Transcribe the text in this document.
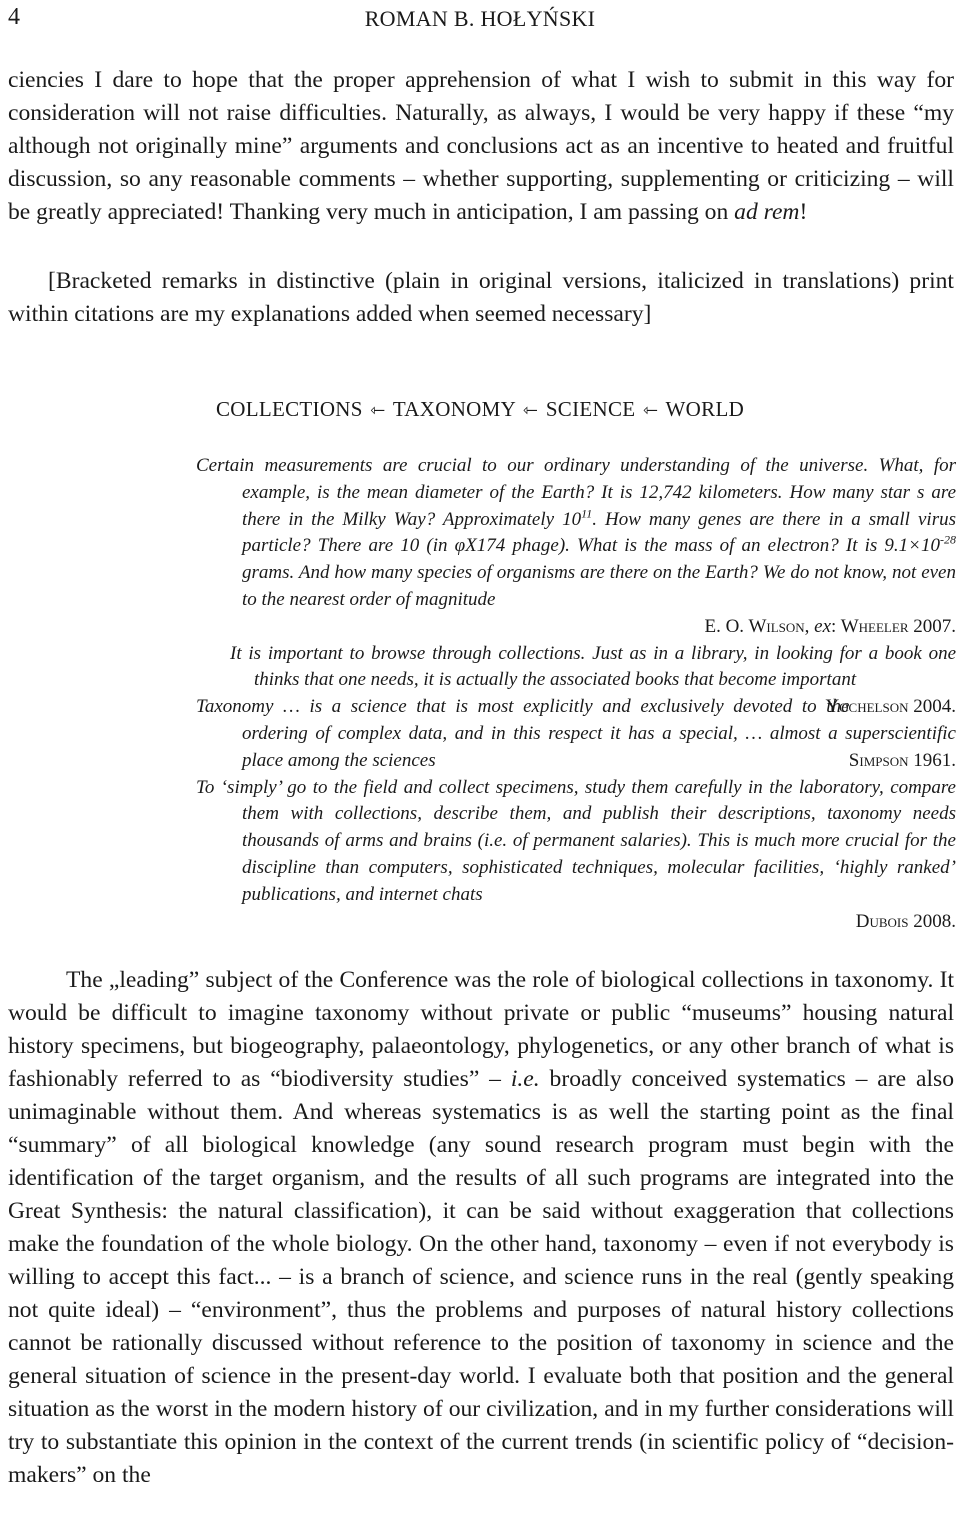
4	ROMAN B. HOŁYŃSKI
ciencies I dare to hope that the proper apprehension of what I wish to submit in this way for consideration will not raise difficulties. Naturally, as always, I would be very happy if these “my although not originally mine” arguments and conclusions act as an incentive to heated and fruitful discussion, so any reasonable comments – whether supporting, supplementing or criticizing – will be greatly appreciated! Thanking very much in anticipation, I am passing on ad rem!
[Bracketed remarks in distinctive (plain in original versions, italicized in translations) print within citations are my explanations added when seemed necessary]
COLLECTIONS ⇽ TAXONOMY ⇽ SCIENCE ⇽ WORLD

Certain measurements are crucial to our ordinary understanding of the universe. What, for example, is the mean diameter of the Earth? It is 12,742 kilometers. How many star s are there in the Milky Way? Approximately $10^{11}$. How many genes are there in a small virus particle? There are 10 (in φX174 phage). What is the mass of an electron? It is $9.1\times 10^{-28}$ grams. And how many species of organisms are there on the Earth? We do not know, not even to the nearest order of magnitude

E. O. Wilson, ex: Wheeler 2007.

It is important to browse through collections. Just as in a library, in looking for a book one thinks that one needs, it is actually the associated books that become important
Yochelson 2004.

Taxonomy … is a science that is most explicitly and exclusively devoted to the ordering of complex data, and in this respect it has a special, … almost a superscientific place among the sciences	Simpson 1961.

To ‘simply’ go to the field and collect specimens, study them carefully in the laboratory, compare them with collections, describe them, and publish their descriptions, taxonomy needs thousands of arms and brains (i.e. of permanent salaries). This is much more crucial for the discipline than computers, sophisticated techniques, molecular facilities, ‘highly ranked’ publications, and internet chats

Dubois 2008.
The „leading” subject of the Conference was the role of biological collections in taxonomy. It would be difficult to imagine taxonomy without private or public “museums” housing natural history specimens, but biogeography, palaeontology, phylogenetics, or any other branch of what is fashionably referred to as “biodiversity studies” – i.e. broadly conceived systematics – are also unimaginable without them. And whereas systematics is as well the starting point as the final “summary” of all biological knowledge (any sound research program must begin with the identification of the target organism, and the results of all such programs are integrated into the Great Synthesis: the natural classification), it can be said without exaggeration that collections make the foundation of the whole biology. On the other hand, taxonomy – even if not everybody is willing to accept this fact... – is a branch of science, and science runs in the real (gently speaking not quite ideal) – “environment”, thus the problems and purposes of natural history collections cannot be rationally discussed without reference to the position of taxonomy in science and the general situation of science in the present-day world. I evaluate both that position and the general situation as the worst in the modern history of our civilization, and in my further considerations will try to substantiate this opinion in the context of the current trends (in scientific policy of “decision-makers” on the
